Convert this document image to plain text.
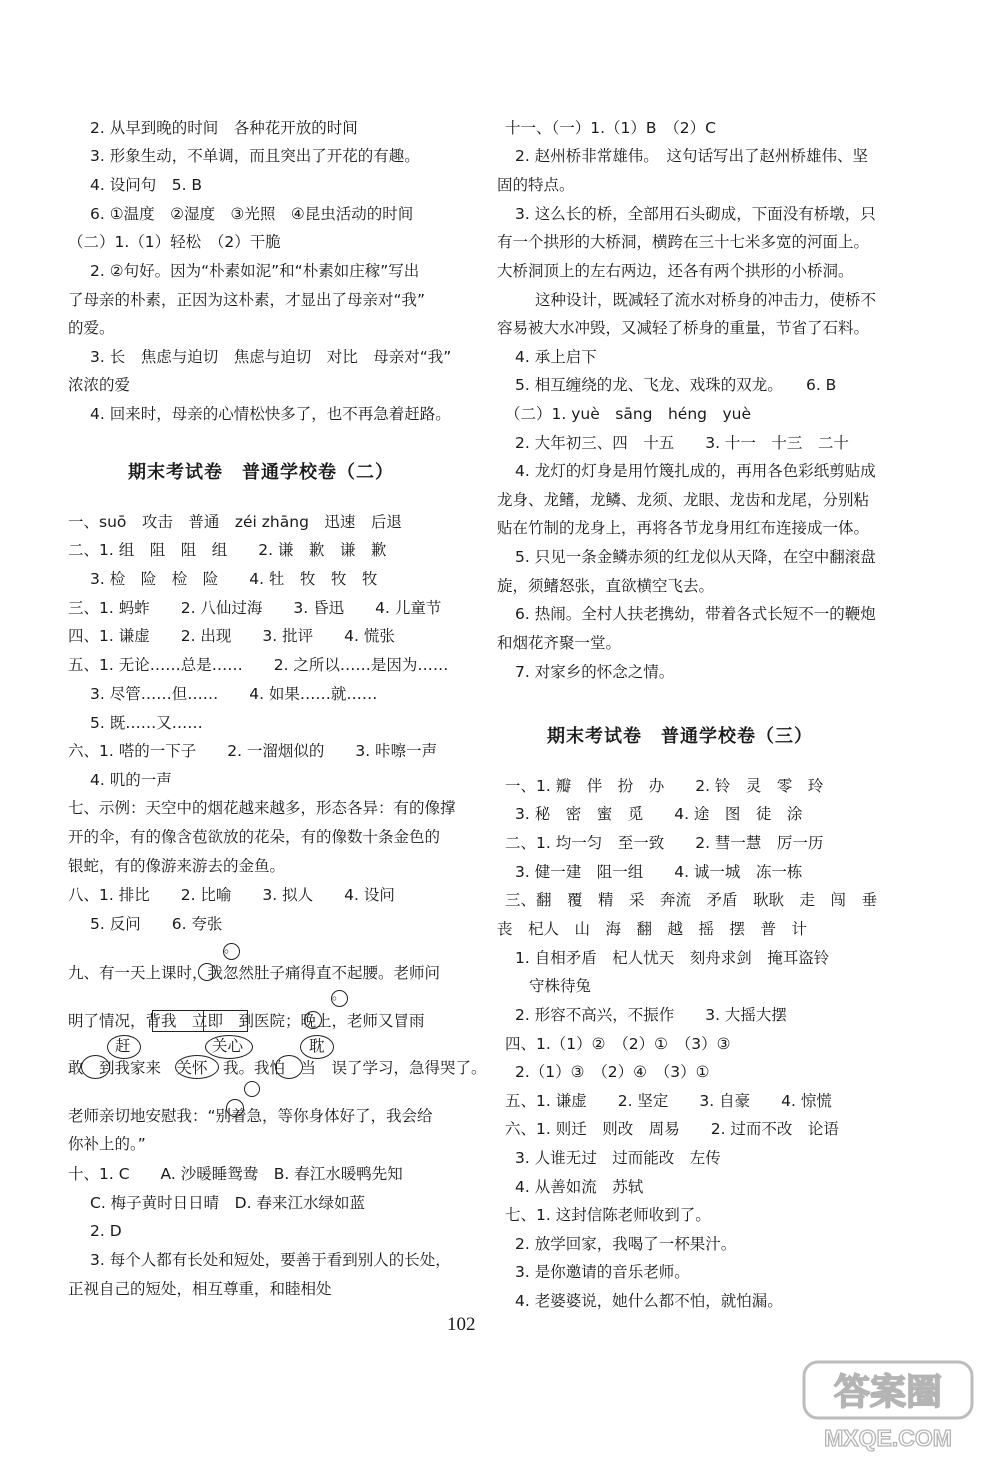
2. 从早到晚的时间　各种花开放的时间
3. 形象生动，不单调，而且突出了开花的有趣。
4. 设问句　5. B
6. ①温度　②湿度　③光照　④昆虫活动的时间
（二）1.（1）轻松　（2）干脆
2. ②句好。因为“朴素如泥”和“朴素如庄稼”写出
了母亲的朴素，正因为这朴素，才显出了母亲对“我”
的爱。
3. 长　焦虑与迫切　焦虑与迫切　对比　母亲对“我”
浓浓的爱
4. 回来时，母亲的心情松快多了，也不再急着赶路。
一、suō　攻击　普通　zéi zhāng　迅速　后退
二、1. 组　阻　阻　组　　2. 谦　歉　谦　歉
3. 检　险　检　险　　4. 牡　牧　牧　牧
三、1. 蚂蚱　　2. 八仙过海　　3. 昏迅　　4. 儿童节
四、1. 谦虚　　2. 出现　　3. 批评　　4. 慌张
五、1. 无论……总是……　　2. 之所以……是因为……
3. 尽管……但……　　4. 如果……就……
5. 既……又……
六、1. 嗒的一下子　　2. 一溜烟似的　　3. 咔嚓一声
4. 叽的一声
七、示例：天空中的烟花越来越多，形态各异：有的像撑
开的伞，有的像含苞欲放的花朵，有的像数十条金色的
银蛇，有的像游来游去的金鱼。
八、1. 排比　　2. 比喻　　3. 拟人　　4. 设问
5. 反问　　6. 夸张
九、有一天上课时，我忽然肚子痛得直不起腰。老师问
明了情况，背我　立即　到医院；晚上，老师又冒雨
敢　到我家来　关怀　我。我怕　当　误了学习，急得哭了。
老师亲切地安慰我：“别着急，等你身体好了，我会给
你补上的。”
十、1. C　　A. 沙暖睡鸳鸯　B. 春江水暖鸭先知
C. 梅子黄时日日晴　D. 春来江水绿如蓝
2. D
3. 每个人都有长处和短处，要善于看到别人的长处，
正视自己的短处，相互尊重，和睦相处
期末考试卷　普通学校卷（二）
十一、（一）1.（1）B　（2）C
2. 赵州桥非常雄伟。　这句话写出了赵州桥雄伟、坚
固的特点。
3. 这么长的桥，全部用石头砌成，下面没有桥墩，只
有一个拱形的大桥洞，横跨在三十七米多宽的河面上。
大桥洞顶上的左右两边，还各有两个拱形的小桥洞。
这种设计，既减轻了流水对桥身的冲击力，使桥不
容易被大水冲毁，又减轻了桥身的重量，节省了石料。
4. 承上启下
5. 相互缠绕的龙、飞龙、戏珠的双龙。　　6. B
（二）1. yuè　sāng　héng　yuè
2. 大年初三、四　十五　　3. 十一　十三　二十
4. 龙灯的灯身是用竹篾扎成的，再用各色彩纸剪贴成
龙身、龙鳍，龙鳞、龙须、龙眼、龙齿和龙尾，分别粘
贴在竹制的龙身上，再将各节龙身用红布连接成一体。
5. 只见一条金鳞赤须的红龙似从天降，在空中翻滚盘
旋，须鳍怒张，直欲横空飞去。
6. 热闹。全村人扶老携幼，带着各式长短不一的鞭炮
和烟花齐聚一堂。
7. 对家乡的怀念之情。
一、1. 瓣　伴　扮　办　　2. 铃　灵　零　玲
3. 秘　密　蜜　觅　　4. 途　图　徒　涂
二、1. 均一匀　至一致　　2. 彗一慧　厉一历
3. 健一建　阻一组　　4. 诚一城　冻一栋
三、翻　覆　精　采　奔流　矛盾　耿耿　走　闯　垂
丧　杞人　山　海　翻　越　摇　摆　普　计
1. 自相矛盾　杞人忧天　刻舟求剑　掩耳盗铃
守株待兔
2. 形容不高兴，不振作　　3. 大摇大摆
四、1.（1）②　（2）①　（3）③
2.（1）③　（2）④　（3）①
五、1. 谦虚　　2. 坚定　　3. 自豪　　4. 惊慌
六、1. 则迁　则改　周易　　2. 过而不改　论语
3. 人谁无过　过而能改　左传
4. 从善如流　苏轼
七、1. 这封信陈老师收到了。
2. 放学回家，我喝了一杯果汁。
3. 是你邀请的音乐老师。
4. 老婆婆说，她什么都不怕，就怕漏。
期末考试卷　普通学校卷（三）
102
。
。
赶	关心	耽
答案圈
MXQE.COM
